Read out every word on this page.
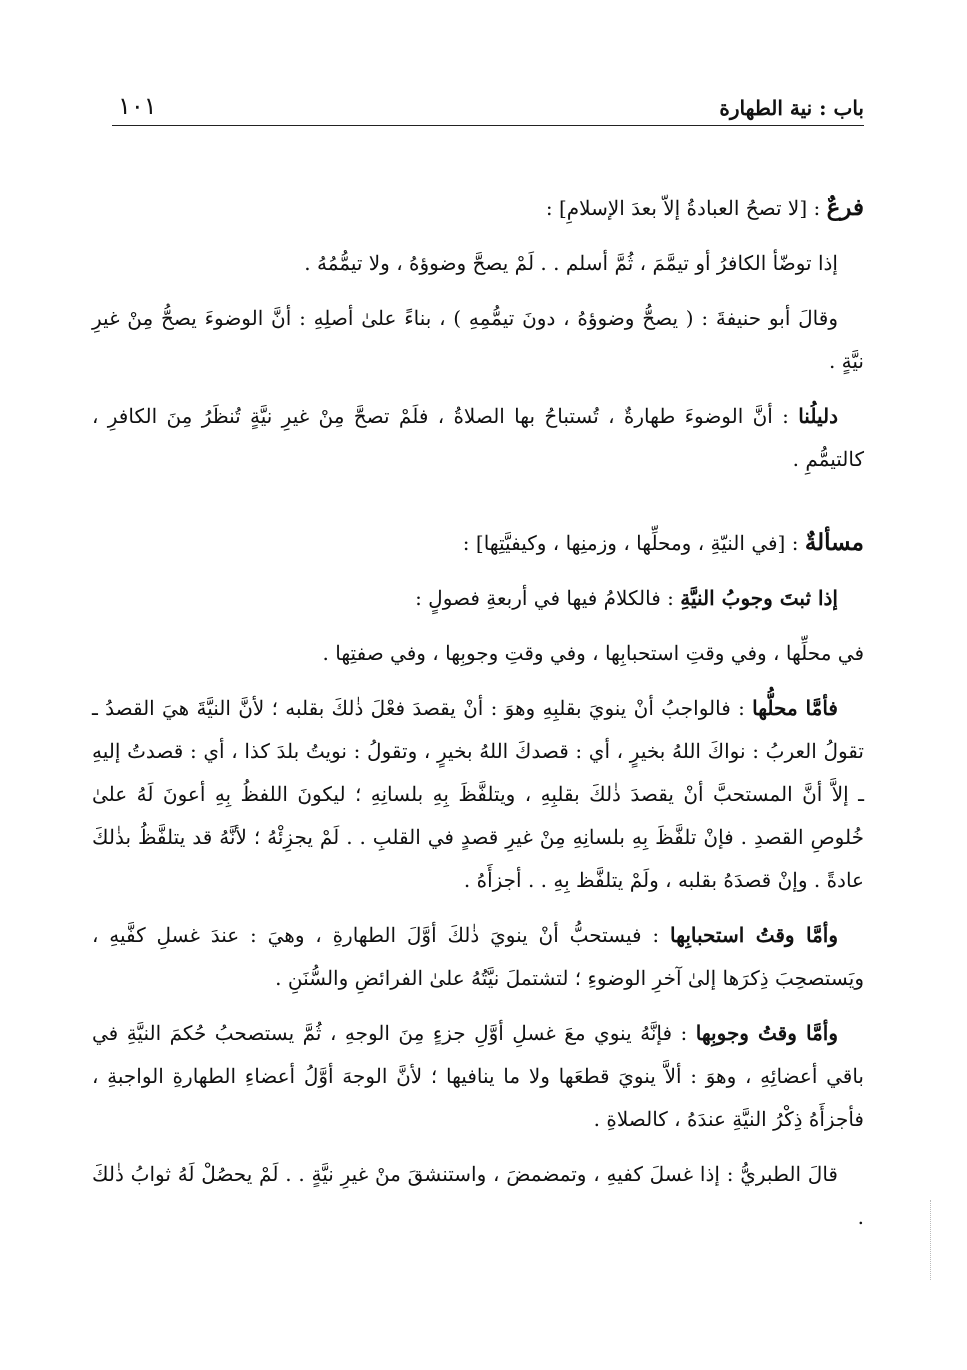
باب : نية الطهارة
١٠١

فرعٌ : [لا تصحُ العبادةُ إلاّ بعدَ الإسلامِ] :

إذا توضّأ الكافرُ أو تيمَّمَ ، ثُمَّ أسلم . . لَمْ يصحَّ وضوؤهُ ، ولا تيمُّمُهُ .

وقالَ أبو حنيفةَ : ( يصحُّ وضوؤهُ ، دونَ تيمُّمِهِ ) ، بناءً علىٰ أصلِهِ : أنَّ الوضوءَ يصحُّ مِنْ غيرِ نيَّةٍ .

دليلُنا : أنَّ الوضوءَ طهارةٌ ، تُستباحُ بها الصلاةُ ، فلَمْ تصحَّ مِنْ غيرِ نيَّةٍ تُنظَرُ مِنَ الكافرِ ، كالتيمُّمِ .

مسألةٌ : [في النيّةِ ، ومحلِّها ، وزمنِها ، وكيفيَّتِها] :

إذا ثبتَ وجوبُ النيَّةِ : فالكلامُ فيها في أربعةِ فصولٍ :

في محلِّها ، وفي وقتِ استحبابِها ، وفي وقتِ وجوبِها ، وفي صفتِها .

فأمَّا محلُّها : فالواجبُ أنْ ينويَ بقلبِهِ وهوَ : أنْ يقصدَ فعْلَ ذٰلكَ بقلبه ؛ لأنَّ النيَّةَ هيَ القصدُ ـ تقولُ العربُ : نواكَ اللهُ بخيرٍ ، أي : قصدكَ اللهُ بخيرٍ ، وتقولُ : نويتُ بلدَ كذا ، أي : قصدتُ إليهِ ـ إلاَّ أنَّ المستحبَّ أنْ يقصدَ ذٰلكَ بقلبِهِ ، ويتلفَّظَ بِهِ بلسانِهِ ؛ ليكونَ اللفظُ بِهِ أعونَ لَهُ علىٰ خُلوصِ القصدِ . فإنْ تلفَّظَ بِهِ بلسانِهِ مِنْ غيرِ قصدٍ في القلبِ . . لَمْ يجزِئْهُ ؛ لأنَّهُ قد يتلفَّظُ بذٰلكَ عادةً . وإنْ قصدَهُ بقلبه ، ولَمْ يتلفَّظ بِهِ . . أجزأَهُ .

وأمَّا وقتُ استحبابِها : فيستحبُّ أنْ ينويَ ذٰلكَ أوَّلَ الطهارةِ ، وهيَ : عندَ غسلِ كفَّيهِ ، ويَستصحِبَ ذِكرَها إلىٰ آخرِ الوضوءِ ؛ لتشتملَ نيَّتُهُ علىٰ الفرائضِ والسُّنَنِ .

وأمَّا وقتُ وجوبِها : فإنَّهُ ينوي معَ غسلِ أوَّلِ جزءٍ مِنَ الوجهِ ، ثُمَّ يستصحبُ حُكمَ النيَّةِ في باقي أعضائِهِ ، وهوَ : ألاَّ ينويَ قطعَها ولا ما ينافيها ؛ لأنَّ الوجهَ أوَّلُ أعضاءِ الطهارةِ الواجبةِ ، فأجزأَهُ ذِكْرُ النيَّةِ عندَهُ ، كالصلاةِ .

قالَ الطبريُّ : إذا غسلَ كفيهِ ، وتمضمضَ ، واستنشقَ منْ غيرِ نيَّةٍ . . لَمْ يحصُلْ لَهُ ثوابُ ذٰلكَ .
